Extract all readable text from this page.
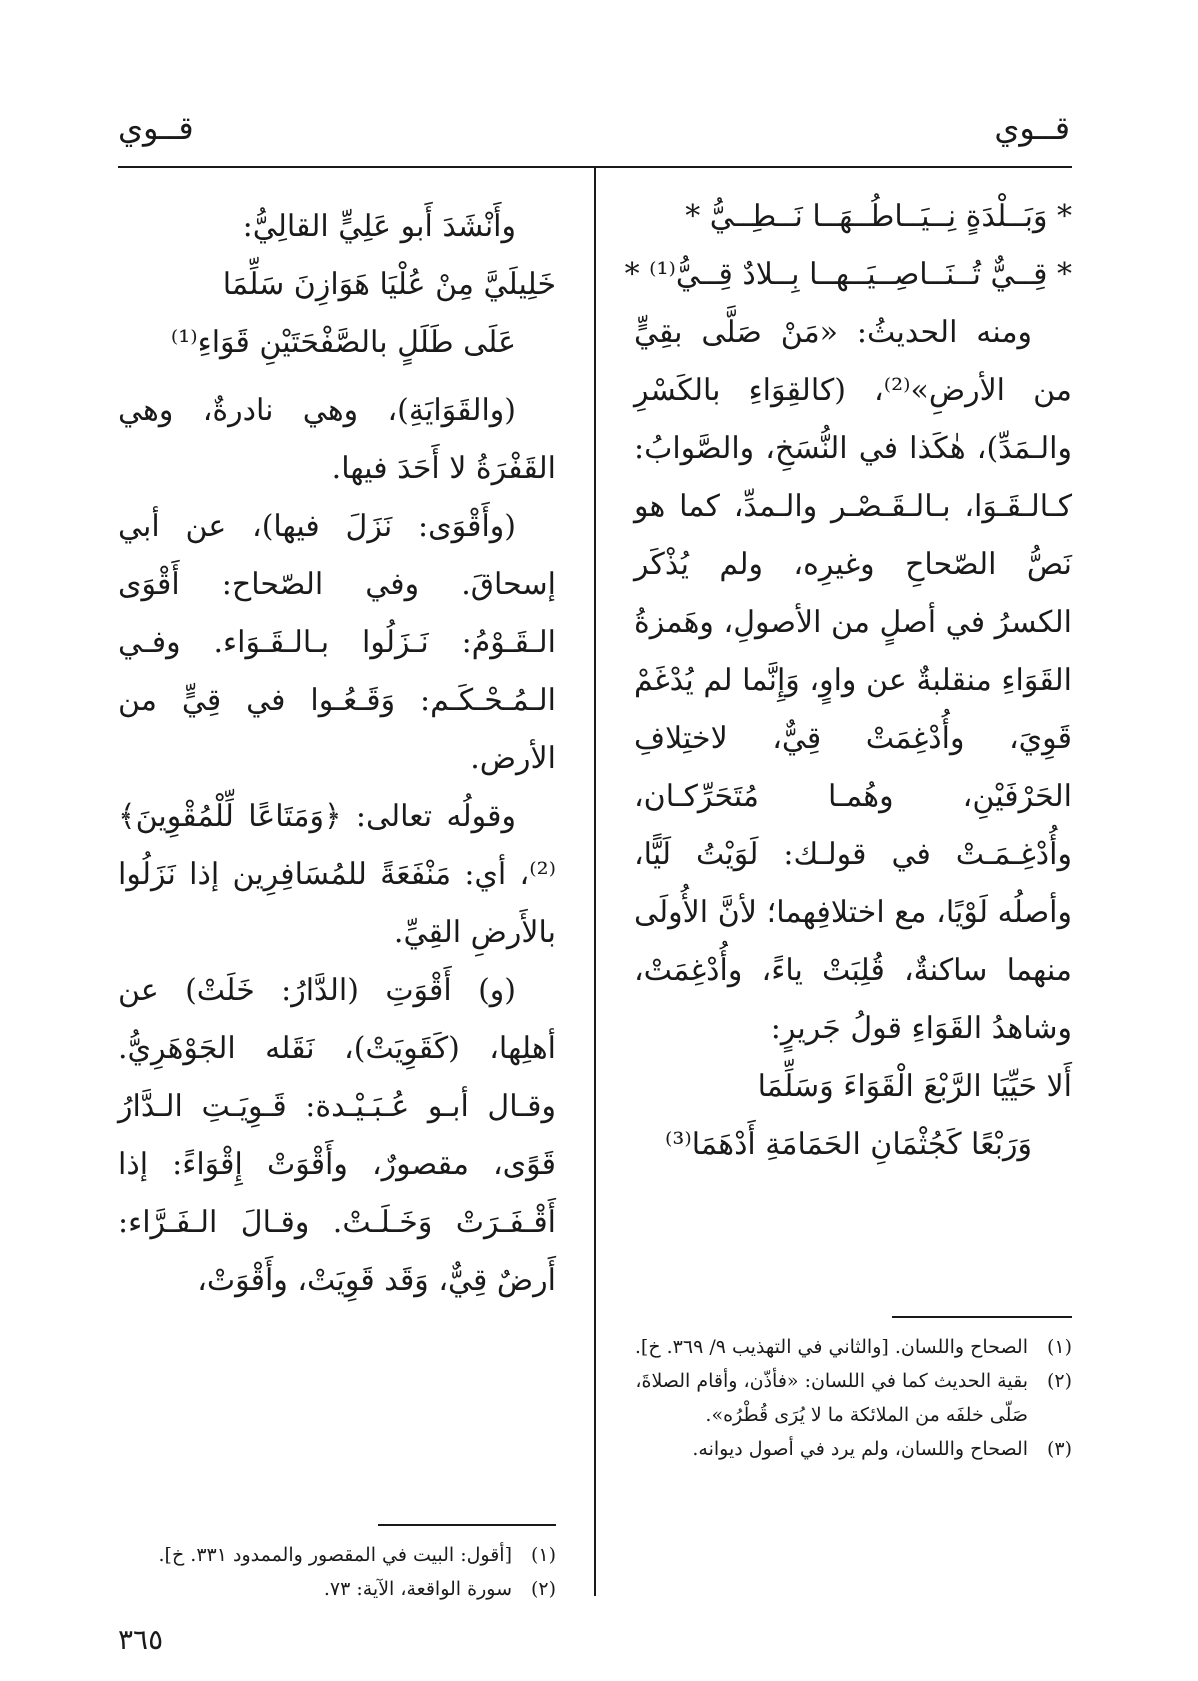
قــوي
قــوي

* وَبَــلْدَةٍ نِــيَــاطُــهَــا نَــطِــيُّ *

* قِــيٌّ تُــنَــاصِــيَــهــا بِــلادٌ قِــيُّ⁽¹⁾ *

ومنه الحديثُ: «مَنْ صَلَّى بقِيٍّ من الأرضِ»⁽²⁾، (كالقِوَاءِ بالكَسْرِ والـمَدِّ)، هٰكَذا في النُّسَخِ، والصَّوابُ: كـالـقَـوَا، بـالـقَـصْـر والـمدِّ، كما هو نَصُّ الصّحاحِ وغيرِه، ولم يُذْكَر الكسرُ في أصلٍ من الأصولِ، وهَمزةُ القَوَاءِ منقلبةٌ عن واوٍ، وَإِنَّما لم يُدْغَمْ قَوِيَ، وأُدْغِمَتْ قِيٌّ، لاختِلافِ الحَرْفَيْنِ، وهُمـا مُتَحَرِّكـان، وأُدْغِـمَـتْ في قولـك: لَوَيْتُ لَيًّا، وأصلُه لَوْيًا، مع اختلافِهما؛ لأنَّ الأُولَى منهما ساكنةٌ، قُلِبَتْ ياءً، وأُدْغِمَتْ، وشاهدُ القَوَاءِ قولُ جَريرٍ:

أَلا حَيِّيَا الرَّبْعَ الْقَوَاءَ وَسَلِّمَا

وَرَبْعًا كَجُثْمَانِ الحَمَامَةِ أَدْهَمَا⁽³⁾

وأَنْشَدَ أَبو عَلِيٍّ القالِيُّ:

خَلِيلَيَّ مِنْ عُلْيَا هَوَازِنَ سَلِّمَا

عَلَى طَلَلٍ بالصَّفْحَتَيْنِ قَوَاءِ⁽¹⁾

(والقَوَايَةِ)، وهي نادرةٌ، وهي القَفْرَةُ لا أَحَدَ فيها.

(وأَقْوَى: نَزَلَ فيها)، عن أبي إسحاقَ. وفي الصّحاح: أَقْوَى الـقَـوْمُ: نَـزَلُوا بـالـقَـوَاء. وفـي الـمُـحْـكَـم: وَقَـعُـوا في قِيٍّ من الأرض.

وقولُه تعالى: ﴿وَمَتَاعًا لِّلْمُقْوِينَ﴾⁽²⁾، أي: مَنْفَعَةً للمُسَافِرِين إذا نَزَلُوا بالأَرضِ القِيِّ.

(و) أَقْوَتِ (الدَّارُ: خَلَتْ) عن أهلِها، (كَقَوِيَتْ)، نَقَله الجَوْهَرِيُّ. وقـال أبـو عُـبَـيْـدة: قَـوِيَـتِ الـدَّارُ قَوًى، مقصورٌ، وأَقْوَتْ إِقْوَاءً: إذا أَقْـفَـرَتْ وَخَـلَـتْ. وقـالَ الـفَـرَّاء: أَرضٌ قِيٌّ، وَقَد قَوِيَتْ، وأَقْوَتْ،

(١)
الصحاح واللسان. [والثاني في التهذيب ٩/ ٣٦٩. خ].

(٢)
بقية الحديث كما في اللسان: «فأذّن، وأقام الصلاةَ، صَلّى خلفَه من الملائكة ما لا يُرَى قُطْرُه».

(٣)
الصحاح واللسان، ولم يرد في أصول ديوانه.

(١)
[أقول: البيت في المقصور والممدود ٣٣١. خ].

(٢)
سورة الواقعة، الآية: ٧٣.

٣٦٥
